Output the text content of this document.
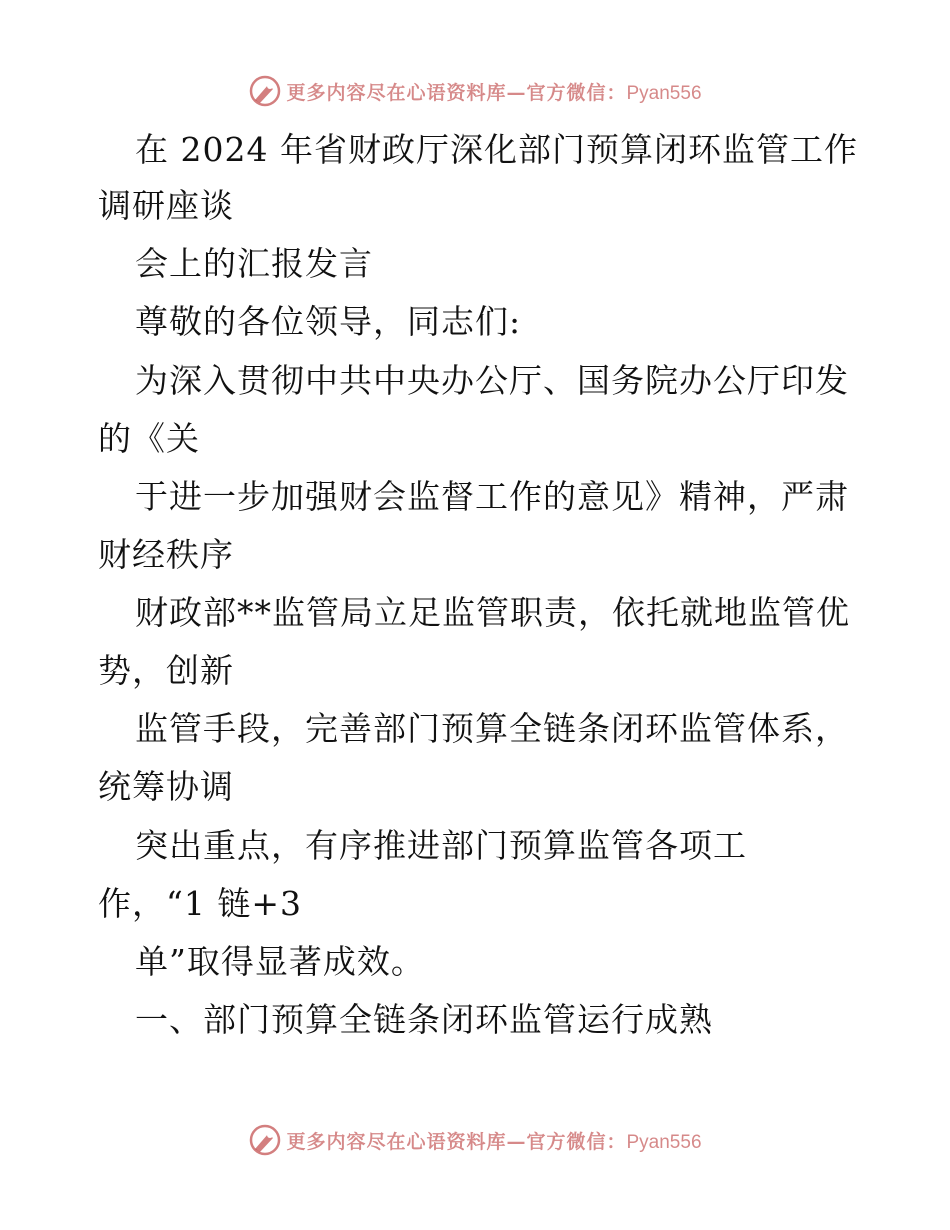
更多内容尽在心语资料库—官方微信：Pyan556
在 2024 年省财政厅深化部门预算闭环监管工作
调研座谈
会上的汇报发言
尊敬的各位领导，同志们:
为深入贯彻中共中央办公厅、国务院办公厅印发
的《关
于进一步加强财会监督工作的意见》精神，严肃
财经秩序
财政部**监管局立足监管职责，依托就地监管优
势，创新
监管手段，完善部门预算全链条闭环监管体系，
统筹协调
突出重点，有序推进部门预算监管各项工
作，“1 链+3
单”取得显著成效。
一、部门预算全链条闭环监管运行成熟
更多内容尽在心语资料库—官方微信：Pyan556
